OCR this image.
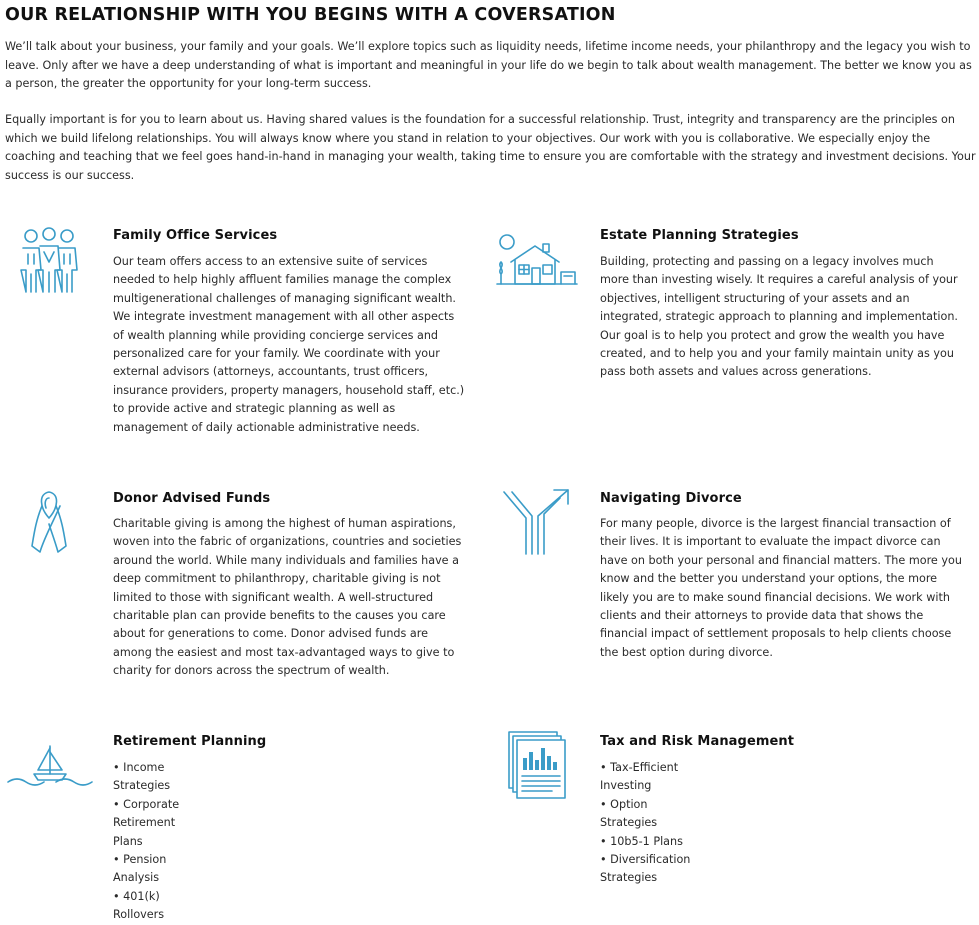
OUR RELATIONSHIP WITH YOU BEGINS WITH A COVERSATION

We’ll talk about your business, your family and your goals. We’ll explore topics such as liquidity needs, lifetime income needs, your philanthropy and the legacy you wish to leave. Only after we have a deep understanding of what is important and meaningful in your life do we begin to talk about wealth management. The better we know you as a person, the greater the opportunity for your long-term success.

Equally important is for you to learn about us. Having shared values is the foundation for a successful relationship. Trust, integrity and transparency are the principles on which we build lifelong relationships. You will always know where you stand in relation to your objectives. Our work with you is collaborative. We especially enjoy the coaching and teaching that we feel goes hand-in-hand in managing your wealth, taking time to ensure you are comfortable with the strategy and investment decisions. Your success is our success.

Family Office Services

Our team offers access to an extensive suite of services needed to help highly affluent families manage the complex multigenerational challenges of managing significant wealth. We integrate investment management with all other aspects of wealth planning while providing concierge services and personalized care for your family. We coordinate with your external advisors (attorneys, accountants, trust officers, insurance providers, property managers, household staff, etc.) to provide active and strategic planning as well as management of daily actionable administrative needs.

Estate Planning Strategies

Building, protecting and passing on a legacy involves much more than investing wisely. It requires a careful analysis of your objectives, intelligent structuring of your assets and an integrated, strategic approach to planning and implementation. Our goal is to help you protect and grow the wealth you have created, and to help you and your family maintain unity as you pass both assets and values across generations.

Donor Advised Funds

Charitable giving is among the highest of human aspirations, woven into the fabric of organizations, countries and societies around the world. While many individuals and families have a deep commitment to philanthropy, charitable giving is not limited to those with significant wealth. A well-structured charitable plan can provide benefits to the causes you care about for generations to come. Donor advised funds are among the easiest and most tax-advantaged ways to give to charity for donors across the spectrum of wealth.

Navigating Divorce

For many people, divorce is the largest financial transaction of their lives. It is important to evaluate the impact divorce can have on both your personal and financial matters. The more you know and the better you understand your options, the more likely you are to make sound financial decisions. We work with clients and their attorneys to provide data that shows the financial impact of settlement proposals to help clients choose the best option during divorce.

Retirement Planning
• Income Strategies
• Corporate Retirement Plans
• Pension Analysis
• 401(k) Rollovers
Tax and Risk Management
• Tax-Efficient Investing
• Option Strategies
• 10b5-1 Plans
• Diversification Strategies
